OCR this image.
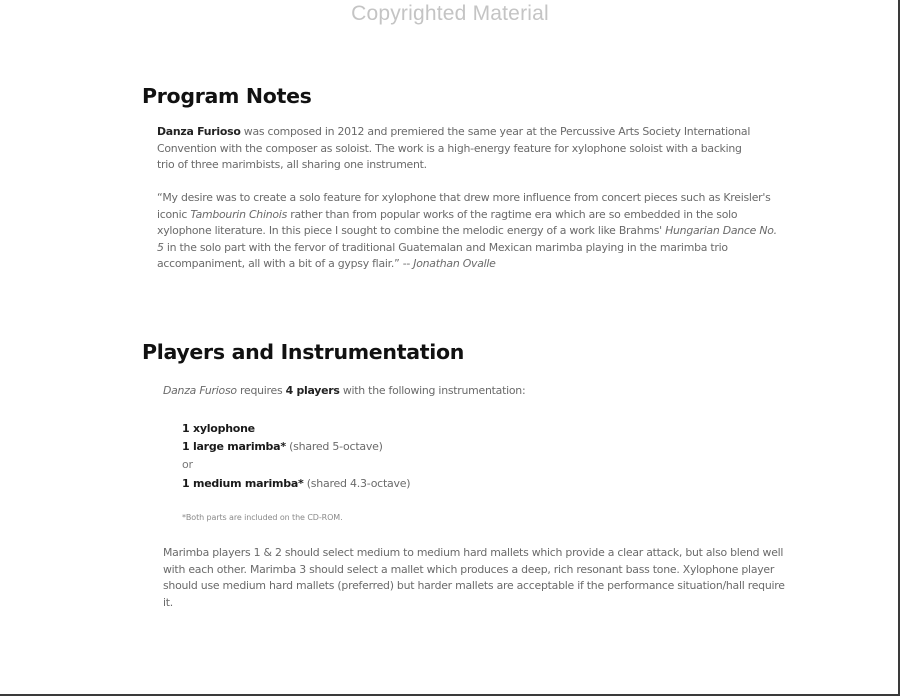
Copyrighted Material
Program Notes

Danza Furioso was composed in 2012 and premiered the same year at the Percussive Arts Society International Convention with the composer as soloist. The work is a high-energy feature for xylophone soloist with a backing trio of three marimbists, all sharing one instrument.

“My desire was to create a solo feature for xylophone that drew more influence from concert pieces such as Kreisler's iconic Tambourin Chinois rather than from popular works of the ragtime era which are so embedded in the solo xylophone literature. In this piece I sought to combine the melodic energy of a work like Brahms' Hungarian Dance No. 5 in the solo part with the fervor of traditional Guatemalan and Mexican marimba playing in the marimba trio accompaniment, all with a bit of a gypsy flair.” -- Jonathan Ovalle

Players and Instrumentation

Danza Furioso requires 4 players with the following instrumentation:

1 xylophone
1 large marimba* (shared 5-octave)
or
1 medium marimba* (shared 4.3-octave)
*Both parts are included on the CD-ROM.

Marimba players 1 & 2 should select medium to medium hard mallets which provide a clear attack, but also blend well with each other. Marimba 3 should select a mallet which produces a deep, rich resonant bass tone. Xylophone player should use medium hard mallets (preferred) but harder mallets are acceptable if the performance situation/hall require it.
